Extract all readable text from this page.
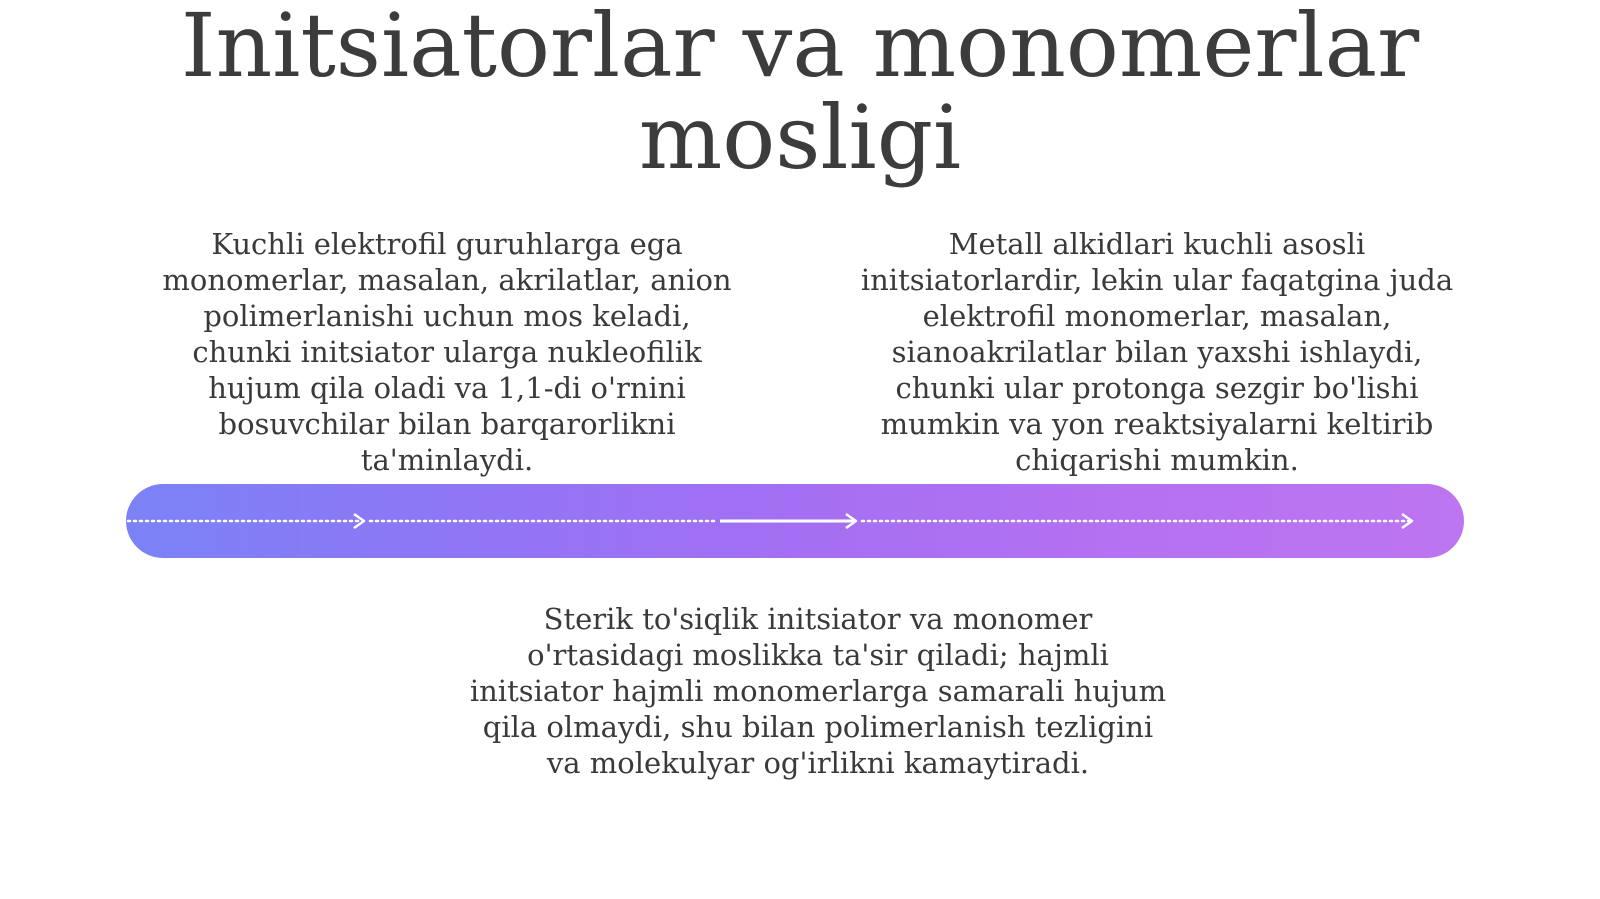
Initsiatorlar va monomerlar mosligi

Kuchli elektrofil guruhlarga ega monomerlar, masalan, akrilatlar, anion polimerlanishi uchun mos keladi, chunki initsiator ularga nukleofilik hujum qila oladi va 1,1-di o'rnini bosuvchilar bilan barqarorlikni ta'minlaydi.

Metall alkidlari kuchli asosli initsiatorlardir, lekin ular faqatgina juda elektrofil monomerlar, masalan, sianoakrilatlar bilan yaxshi ishlaydi, chunki ular protonga sezgir bo'lishi mumkin va yon reaktsiyalarni keltirib chiqarishi mumkin.

Sterik to'siqlik initsiator va monomer o'rtasidagi moslikka ta'sir qiladi; hajmli initsiator hajmli monomerlarga samarali hujum qila olmaydi, shu bilan polimerlanish tezligini va molekulyar og'irlikni kamaytiradi.
